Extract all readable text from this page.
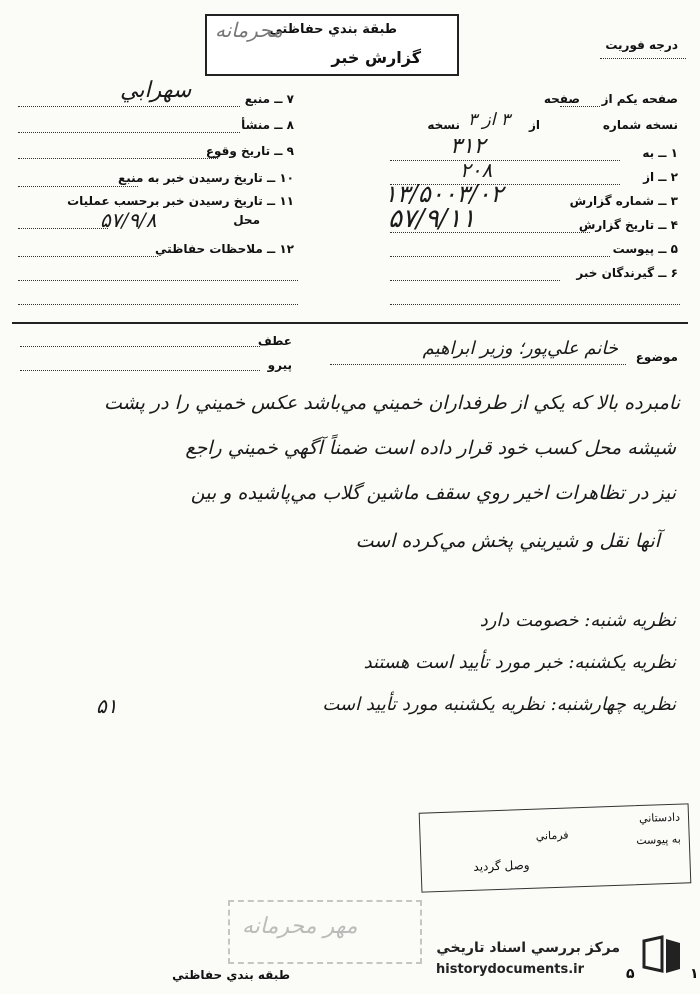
طبقة بندي حفاظتي
محرمانه
گزارش خبر
درجه فوريت
۷ ــ منبع
سهرابي
۸ ــ منشأ
۹ ــ تاريخ وقوع
۱۰ ــ تاريخ رسيدن خبر به منبع
۱۱ ــ تاريخ رسيدن خبر برحسب عمليات
محل
۵۷/۹/۸
۱۲ ــ ملاحظات حفاظتي
صفحه يكم از
صفحه
نسخه شماره
از
۳ از ۳
نسخه
۱ ــ به
۳۱۲
۲ ــ از
۲۰۸
۳ ــ شماره گزارش
۱۳/۵۰۰۳/۰۲
۴ ــ تاريخ گزارش
۵۷/۹/۱۱
۵ ــ پيوست
۶ ــ گيرندگان خبر
عطف
پيرو
موضوع
خانم علي‌پور؛ وزير ابراهيم
نامبرده بالا که يکي از طرفداران خميني مي‌باشد عکس خميني را در پشت
شيشه محل کسب خود قرار داده است ضمناً آگهي خميني راجع
نيز در تظاهرات اخير روي سقف ماشين گلاب مي‌پاشيده و بين
آنها نقل و شيريني پخش مي‌کرده است
نظريه شنبه: خصومت دارد
نظريه يکشنبه: خبر مورد تأييد است هستند
نظريه چهارشنبه: نظريه يکشنبه مورد تأييد است
۵۱
دادستاني
به پيوست
فرماني
وصل گرديد
مهر محرمانه
طبقه بندي حفاظتي	۵	۱
مركز بررسي اسناد تاريخي
historydocuments.ir
